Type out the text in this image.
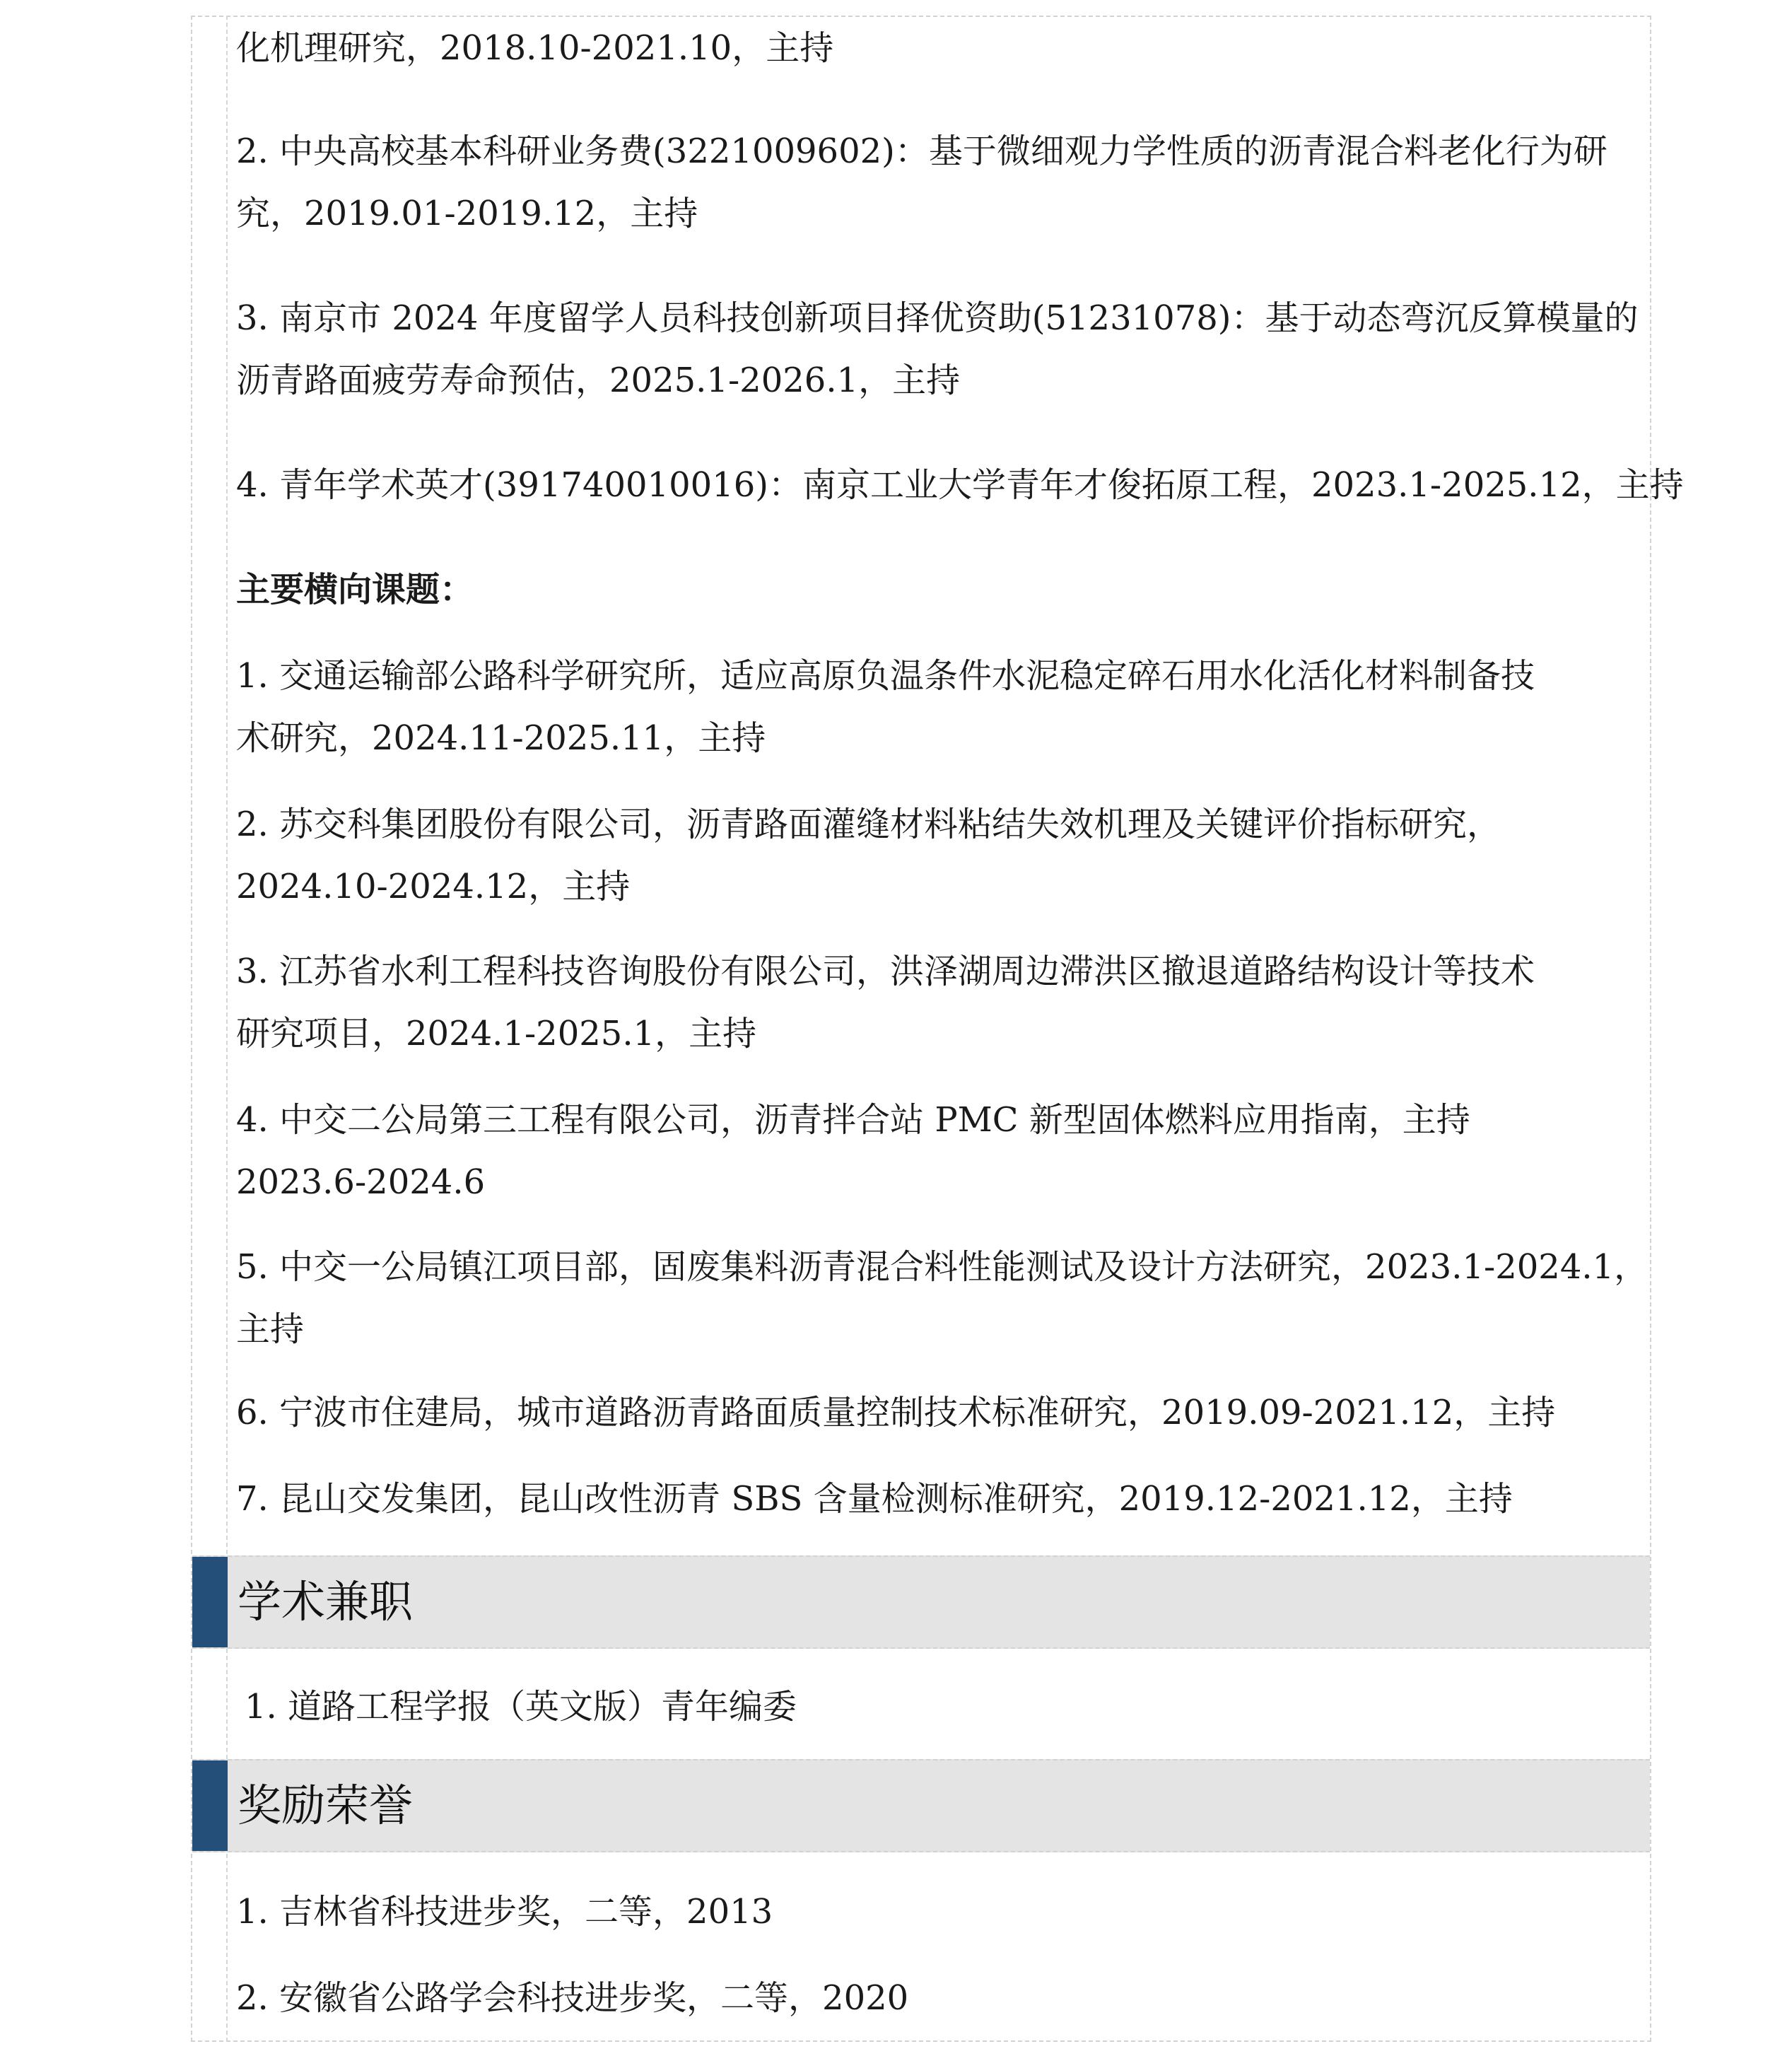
化机理研究，2018.10-2021.10，主持
2. 中央高校基本科研业务费(3221009602)：基于微细观力学性质的沥青混合料老化行为研
究，2019.01-2019.12，主持
3. 南京市 2024 年度留学人员科技创新项目择优资助(51231078)：基于动态弯沉反算模量的
沥青路面疲劳寿命预估，2025.1-2026.1，主持
4. 青年学术英才(391740010016)：南京工业大学青年才俊拓原工程，2023.1-2025.12，主持
主要横向课题：
1. 交通运输部公路科学研究所，适应高原负温条件水泥稳定碎石用水化活化材料制备技
术研究，2024.11-2025.11，主持
2. 苏交科集团股份有限公司，沥青路面灌缝材料粘结失效机理及关键评价指标研究，
2024.10-2024.12，主持
3. 江苏省水利工程科技咨询股份有限公司，洪泽湖周边滞洪区撤退道路结构设计等技术
研究项目，2024.1-2025.1，主持
4. 中交二公局第三工程有限公司，沥青拌合站 PMC 新型固体燃料应用指南，主持
2023.6-2024.6
5. 中交一公局镇江项目部，固废集料沥青混合料性能测试及设计方法研究，2023.1-2024.1，
主持
6. 宁波市住建局，城市道路沥青路面质量控制技术标准研究，2019.09-2021.12，主持
7. 昆山交发集团，昆山改性沥青 SBS 含量检测标准研究，2019.12-2021.12，主持
学术兼职
1. 道路工程学报（英文版）青年编委
奖励荣誉
1. 吉林省科技进步奖，二等，2013
2. 安徽省公路学会科技进步奖，二等，2020
